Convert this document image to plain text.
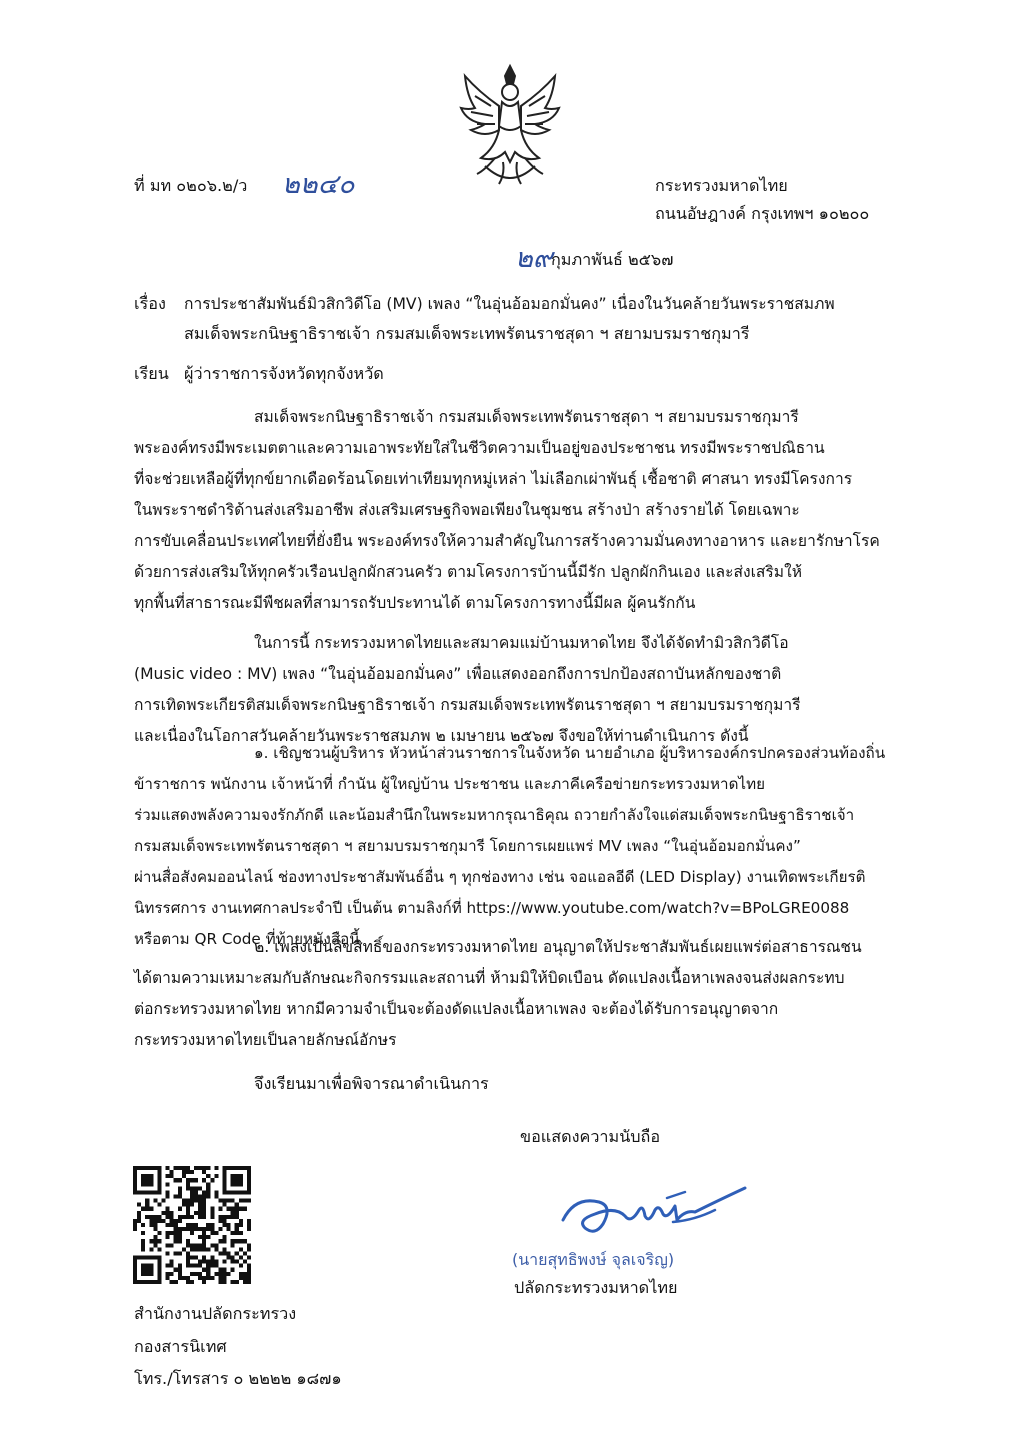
ที่ มท ๐๒๐๖.๒/ว ๒๒๔๐	กระทรวงมหาดไทย
ถนนอัษฎางค์ กรุงเทพฯ ๑๐๒๐๐
๒๙
กุมภาพันธ์ ๒๕๖๗
เรื่อง การประชาสัมพันธ์มิวสิกวิดีโอ (MV) เพลง “ในอุ่นอ้อมอกมั่นคง” เนื่องในวันคล้ายวันพระราชสมภพ
สมเด็จพระกนิษฐาธิราชเจ้า กรมสมเด็จพระเทพรัตนราชสุดา ฯ สยามบรมราชกุมารี
เรียน ผู้ว่าราชการจังหวัดทุกจังหวัด
สมเด็จพระกนิษฐาธิราชเจ้า กรมสมเด็จพระเทพรัตนราชสุดา ฯ สยามบรมราชกุมารี
พระองค์ทรงมีพระเมตตาและความเอาพระทัยใส่ในชีวิตความเป็นอยู่ของประชาชน ทรงมีพระราชปณิธาน
ที่จะช่วยเหลือผู้ที่ทุกข์ยากเดือดร้อนโดยเท่าเทียมทุกหมู่เหล่า ไม่เลือกเผ่าพันธุ์ เชื้อชาติ ศาสนา ทรงมีโครงการ
ในพระราชดำริด้านส่งเสริมอาชีพ ส่งเสริมเศรษฐกิจพอเพียงในชุมชน สร้างป่า สร้างรายได้ โดยเฉพาะ
การขับเคลื่อนประเทศไทยที่ยั่งยืน พระองค์ทรงให้ความสำคัญในการสร้างความมั่นคงทางอาหาร และยารักษาโรค
ด้วยการส่งเสริมให้ทุกครัวเรือนปลูกผักสวนครัว ตามโครงการบ้านนี้มีรัก ปลูกผักกินเอง และส่งเสริมให้
ทุกพื้นที่สาธารณะมีพืชผลที่สามารถรับประทานได้ ตามโครงการทางนี้มีผล ผู้คนรักกัน
ในการนี้ กระทรวงมหาดไทยและสมาคมแม่บ้านมหาดไทย จึงได้จัดทำมิวสิกวิดีโอ
(Music video : MV) เพลง “ในอุ่นอ้อมอกมั่นคง” เพื่อแสดงออกถึงการปกป้องสถาบันหลักของชาติ
การเทิดพระเกียรติสมเด็จพระกนิษฐาธิราชเจ้า กรมสมเด็จพระเทพรัตนราชสุดา ฯ สยามบรมราชกุมารี
และเนื่องในโอกาสวันคล้ายวันพระราชสมภพ ๒ เมษายน ๒๕๖๗ จึงขอให้ท่านดำเนินการ ดังนี้
๑. เชิญชวนผู้บริหาร หัวหน้าส่วนราชการในจังหวัด นายอำเภอ ผู้บริหารองค์กรปกครองส่วนท้องถิ่น
ข้าราชการ พนักงาน เจ้าหน้าที่ กำนัน ผู้ใหญ่บ้าน ประชาชน และภาคีเครือข่ายกระทรวงมหาดไทย
ร่วมแสดงพลังความจงรักภักดี และน้อมสำนึกในพระมหากรุณาธิคุณ ถวายกำลังใจแด่สมเด็จพระกนิษฐาธิราชเจ้า
กรมสมเด็จพระเทพรัตนราชสุดา ฯ สยามบรมราชกุมารี โดยการเผยแพร่ MV เพลง “ในอุ่นอ้อมอกมั่นคง”
ผ่านสื่อสังคมออนไลน์ ช่องทางประชาสัมพันธ์อื่น ๆ ทุกช่องทาง เช่น จอแอลอีดี (LED Display) งานเทิดพระเกียรติ
นิทรรศการ งานเทศกาลประจำปี เป็นต้น ตามลิงก์ที่ https://www.youtube.com/watch?v=BPoLGRE0088
หรือตาม QR Code ที่ท้ายหนังสือนี้
๒. เพลงเป็นลิขสิทธิ์ของกระทรวงมหาดไทย อนุญาตให้ประชาสัมพันธ์เผยแพร่ต่อสาธารณชน
ได้ตามความเหมาะสมกับลักษณะกิจกรรมและสถานที่ ห้ามมิให้บิดเบือน ดัดแปลงเนื้อหาเพลงจนส่งผลกระทบ
ต่อกระทรวงมหาดไทย หากมีความจำเป็นจะต้องดัดแปลงเนื้อหาเพลง จะต้องได้รับการอนุญาตจาก
กระทรวงมหาดไทยเป็นลายลักษณ์อักษร
จึงเรียนมาเพื่อพิจารณาดำเนินการ
ขอแสดงความนับถือ
(นายสุทธิพงษ์ จุลเจริญ)
ปลัดกระทรวงมหาดไทย
สำนักงานปลัดกระทรวง
กองสารนิเทศ
โทร./โทรสาร ๐ ๒๒๒๒ ๑๘๗๑
